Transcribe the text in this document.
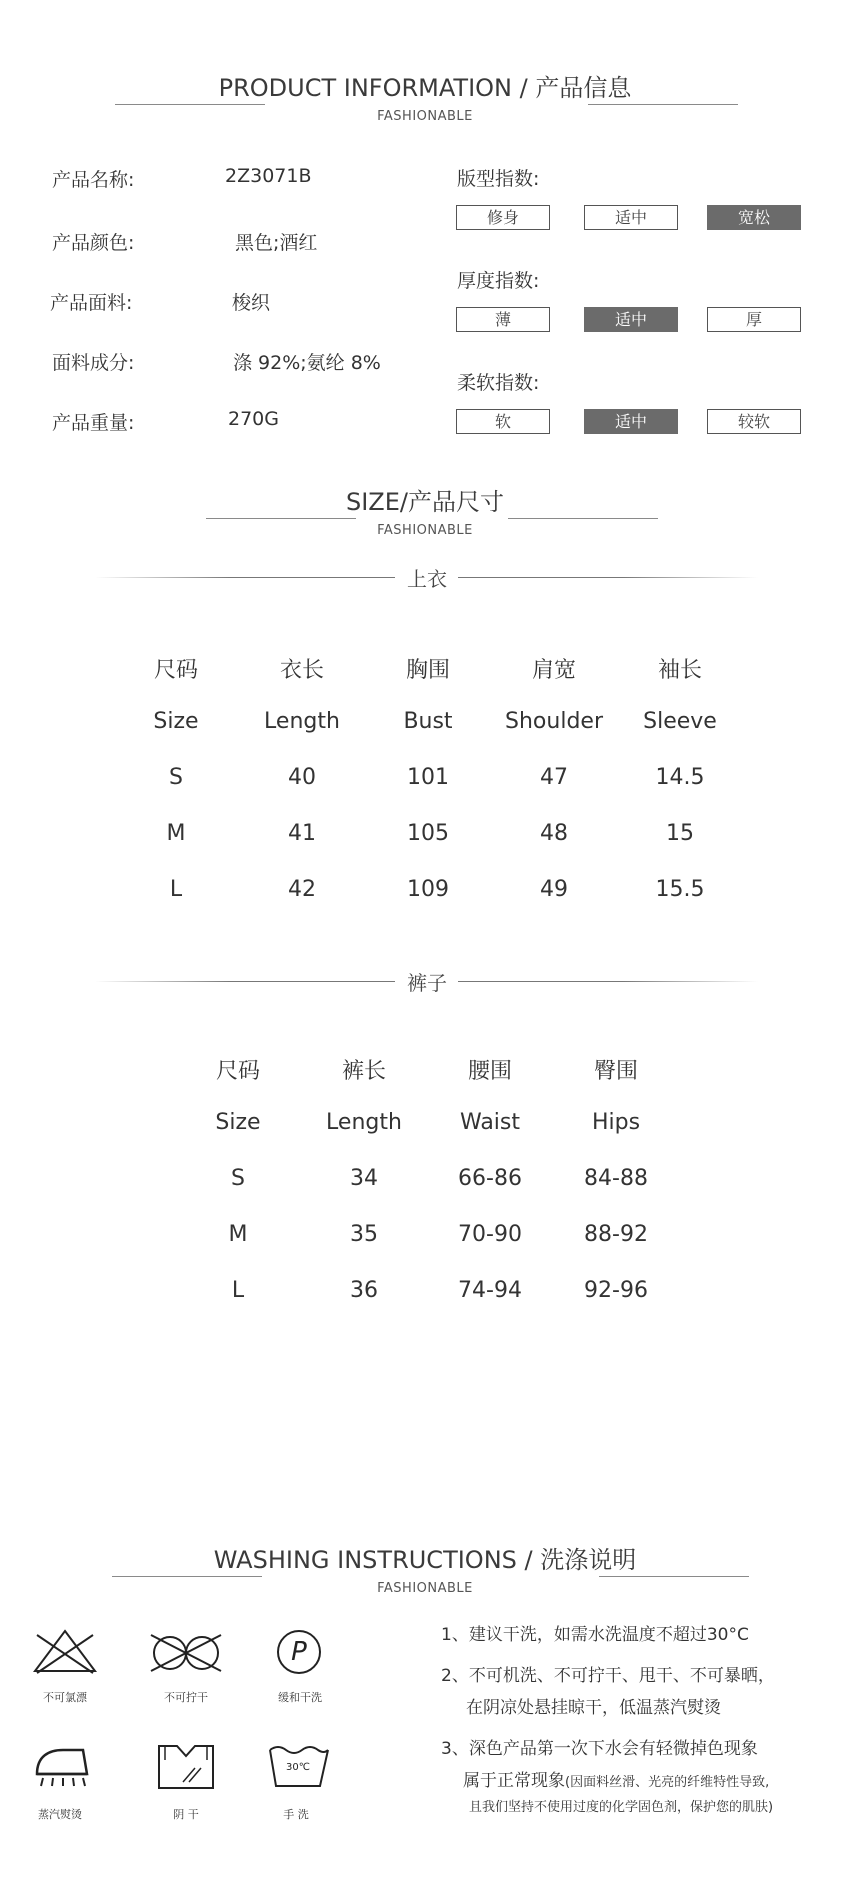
PRODUCT INFORMATION / 产品信息
FASHIONABLE
产品名称:	2Z3071B
产品颜色:	黑色;酒红
产品面料:	梭织
面料成分:	涤 92%;氨纶 8%
产品重量:	270G
版型指数:
修身	适中	宽松
厚度指数:
薄	适中	厚
柔软指数:
软	适中	较软
SIZE/产品尺寸
FASHIONABLE
上衣
尺码	衣长	胸围	肩宽	袖长
Size	Length	Bust	Shoulder	Sleeve
S	40	101	47	14.5
M	41	105	48	15
L	42	109	49	15.5
裤子
尺码	裤长	腰围	臀围
Size	Length	Waist	Hips
S	34	66-86	84-88
M	35	70-90	88-92
L	36	74-94	92-96
WASHING INSTRUCTIONS / 洗涤说明
FASHIONABLE
不可氯漂	不可拧干
P
缓和干洗
蒸汽熨烫	阴 干
30℃
手 洗
1、建议干洗，如需水洗温度不超过30°C
2、不可机洗、不可拧干、甩干、不可暴晒，
在阴凉处悬挂晾干，低温蒸汽熨烫
3、深色产品第一次下水会有轻微掉色现象
属于正常现象(因面料丝滑、光亮的纤维特性导致,
且我们坚持不使用过度的化学固色剂，保护您的肌肤)
